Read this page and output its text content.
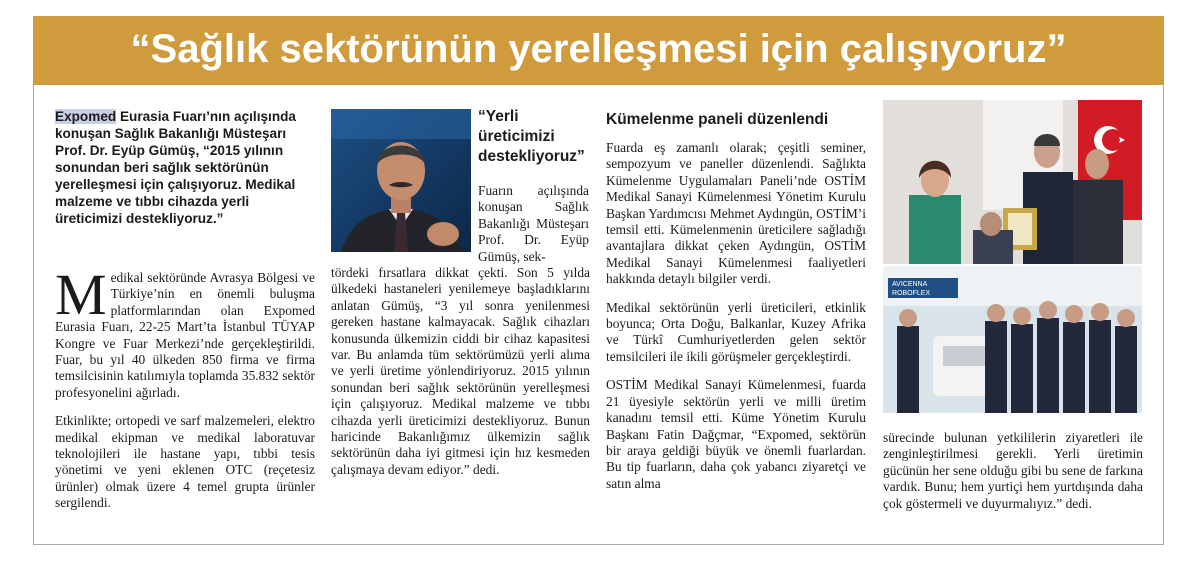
“Sağlık sektörünün yerelleşmesi için çalışıyoruz”
Expomed Eurasia Fuarı’nın açılışında konuşan Sağlık Bakanlığı Müsteşarı Prof. Dr. Eyüp Gümüş, “2015 yılının sonundan beri sağlık sektörünün yerelleşmesi için çalışıyoruz. Medikal malzeme ve tıbbı cihazda yerli üreticimizi destekliyoruz.”

Medikal sektöründe Avrasya Bölgesi ve Türkiye’nin en önemli buluşma platformlarından olan Expomed Eurasia Fuarı, 22-25 Mart’ta İstanbul TÜYAP Kongre ve Fuar Merkezi’nde gerçekleştirildi. Fuar, bu yıl 40 ülkeden 850 firma ve firma temsilcisinin katılımıyla toplamda 35.832 sektör profesyonelini ağırladı.

Etkinlikte; ortopedi ve sarf malzemeleri, elektro medikal ekipman ve medikal laboratuvar teknolojileri ile hastane yapı, tıbbi tesis yönetimi ve yeni eklenen OTC (reçetesiz ürünler) olmak üzere 4 temel grupta ürünler sergilendi.

“Yerli üreticimizi destekliyoruz”

Fuarın açılışında konuşan Sağlık Bakanlığı Müsteşarı Prof. Dr. Eyüp Gümüş, sek-

tördeki fırsatlara dikkat çekti. Son 5 yılda ülkedeki hastaneleri yenilemeye başladıklarını anlatan Gümüş, “3 yıl sonra yenilenmesi gereken hastane kalmayacak. Sağlık cihazları konusunda ülkemizin ciddi bir cihaz kapasitesi var. Bu anlamda tüm sektörümüzü yerli alıma ve yerli üretime yönlendiriyoruz. 2015 yılının sonundan beri sağlık sektörünün yerelleşmesi için çalışıyoruz. Medikal malzeme ve tıbbı cihazda yerli üreticimizi destekliyoruz. Bunun haricinde Bakanlığımız ülkemizin sağlık sektörünün daha iyi gitmesi için hız kesmeden çalışmaya devam ediyor.” dedi.

Kümelenme paneli düzenlendi

Fuarda eş zamanlı olarak; çeşitli seminer, sempozyum ve paneller düzenlendi. Sağlıkta Kümelenme Uygulamaları Paneli’nde OSTİM Medikal Sanayi Kümelenmesi Yönetim Kurulu Başkan Yardımcısı Mehmet Aydıngün, OSTİM’i temsil etti. Kümelenmenin üreticilere sağladığı avantajlara dikkat çeken Aydıngün, OSTİM Medikal Sanayi Kümelenmesi faaliyetleri hakkında detaylı bilgiler verdi.

Medikal sektörünün yerli üreticileri, etkinlik boyunca; Orta Doğu, Balkanlar, Kuzey Afrika ve Türkî Cumhuriyetlerden gelen sektör temsilcileri ile ikili görüşmeler gerçekleştirdi.

OSTİM Medikal Sanayi Kümelenmesi, fuarda 21 üyesiyle sektörün yerli ve milli üretim kanadını temsil etti. Küme Yönetim Kurulu Başkanı Fatin Dağçmar, “Expomed, sektörün bir araya geldiği büyük ve önemli fuarlardan. Bu tip fuarların, daha çok yabancı ziyaretçi ve satın alma

AVICENNA
ROBOFLEX

sürecinde bulunan yetkililerin ziyaretleri ile zenginleştirilmesi gerekli. Yerli üretimin gücünün her sene olduğu gibi bu sene de farkına vardık. Bunu; hem yurtiçi hem yurtdışında daha çok göstermeli ve duyurmalıyız.” dedi.
